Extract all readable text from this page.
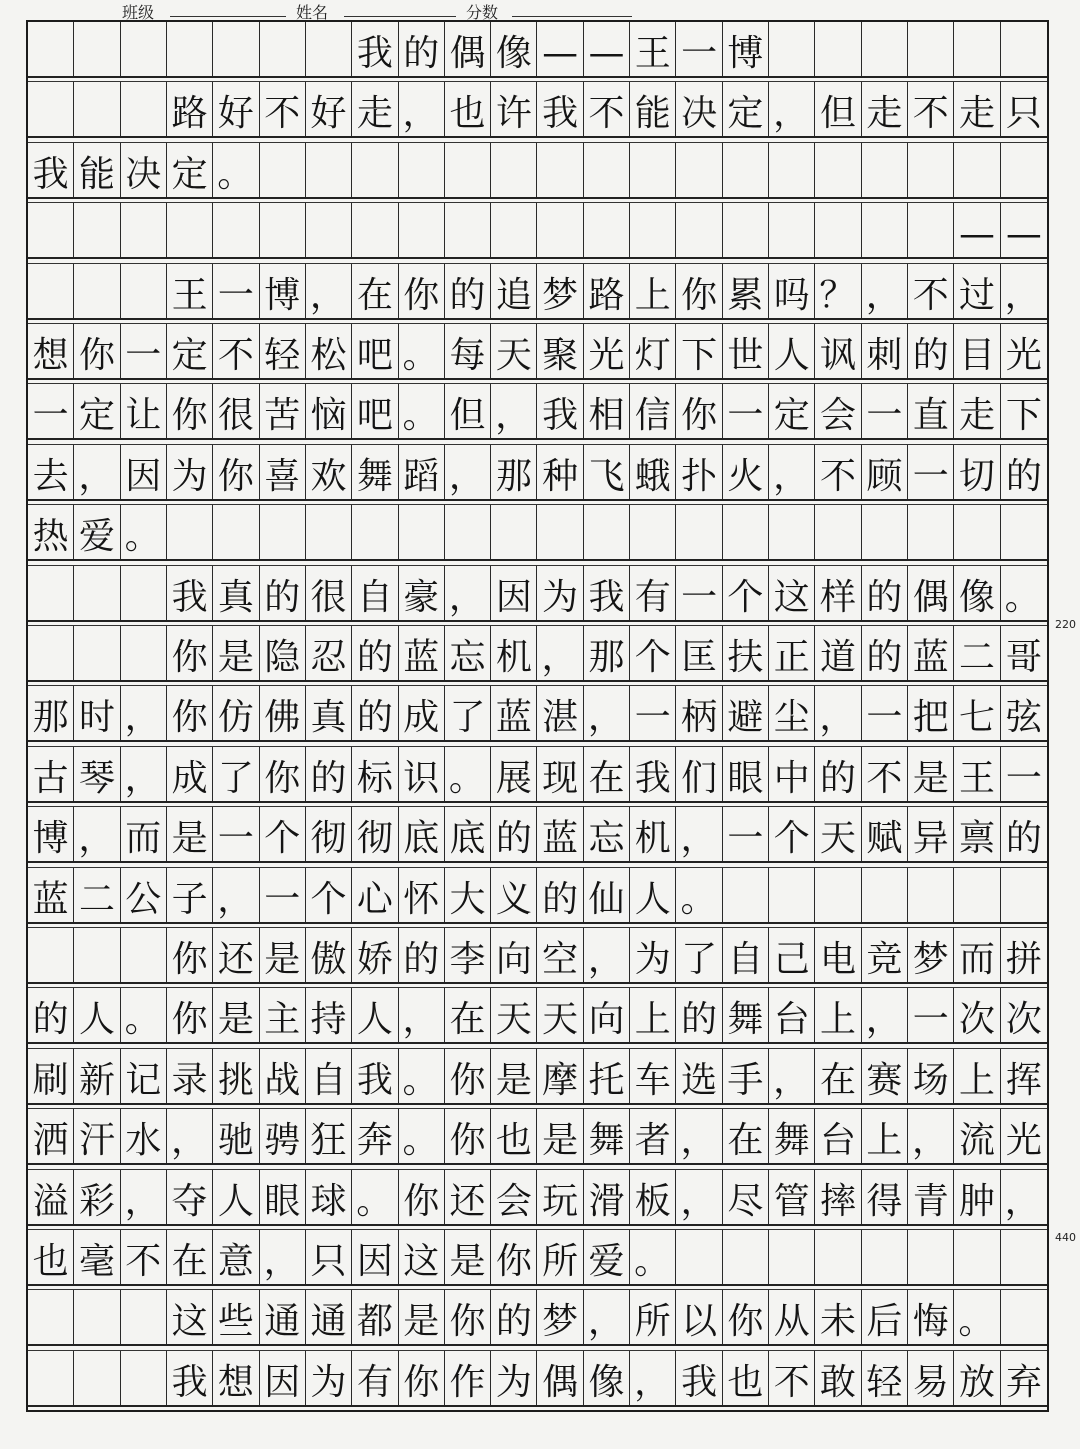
班级	姓名	分数
我 的 偶 像 — — 王 一 博
路 好 不 好 走 ， 也 许 我 不 能 决 定 ， 但 走 不 走 只
我 能 决 定 。
— —
王 一 博 ， 在 你 的 追 梦 路 上 你 累 吗 ？ ， 不 过 ，
想 你 一 定 不 轻 松 吧 。 每 天 聚 光 灯 下 世 人 讽 刺 的 目 光
一 定 让 你 很 苦 恼 吧 。 但 ， 我 相 信 你 一 定 会 一 直 走 下
去 ， 因 为 你 喜 欢 舞 蹈 ， 那 种 飞 蛾 扑 火 ， 不 顾 一 切 的
热 爱 。
我 真 的 很 自 豪 ， 因 为 我 有 一 个 这 样 的 偶 像 。
你 是 隐 忍 的 蓝 忘 机 ， 那 个 匡 扶 正 道 的 蓝 二 哥
那 时 ， 你 仿 佛 真 的 成 了 蓝 湛 ， 一 柄 避 尘 ， 一 把 七 弦
古 琴 ， 成 了 你 的 标 识 。 展 现 在 我 们 眼 中 的 不 是 王 一
博 ， 而 是 一 个 彻 彻 底 底 的 蓝 忘 机 ， 一 个 天 赋 异 禀 的
蓝 二 公 子 ， 一 个 心 怀 大 义 的 仙 人 。
你 还 是 傲 娇 的 李 向 空 ， 为 了 自 己 电 竞 梦 而 拼
的 人 。 你 是 主 持 人 ， 在 天 天 向 上 的 舞 台 上 ， 一 次 次
刷 新 记 录 挑 战 自 我 。 你 是 摩 托 车 选 手 ， 在 赛 场 上 挥
洒 汗 水 ， 驰 骋 狂 奔 。 你 也 是 舞 者 ， 在 舞 台 上 ， 流 光
溢 彩 ， 夺 人 眼 球 。 你 还 会 玩 滑 板 ， 尽 管 摔 得 青 肿 ，
也 毫 不 在 意 ， 只 因 这 是 你 所 爱 。
这 些 通 通 都 是 你 的 梦 ， 所 以 你 从 未 后 悔 。
我 想 因 为 有 你 作 为 偶 像 ， 我 也 不 敢 轻 易 放 弃
220
440
